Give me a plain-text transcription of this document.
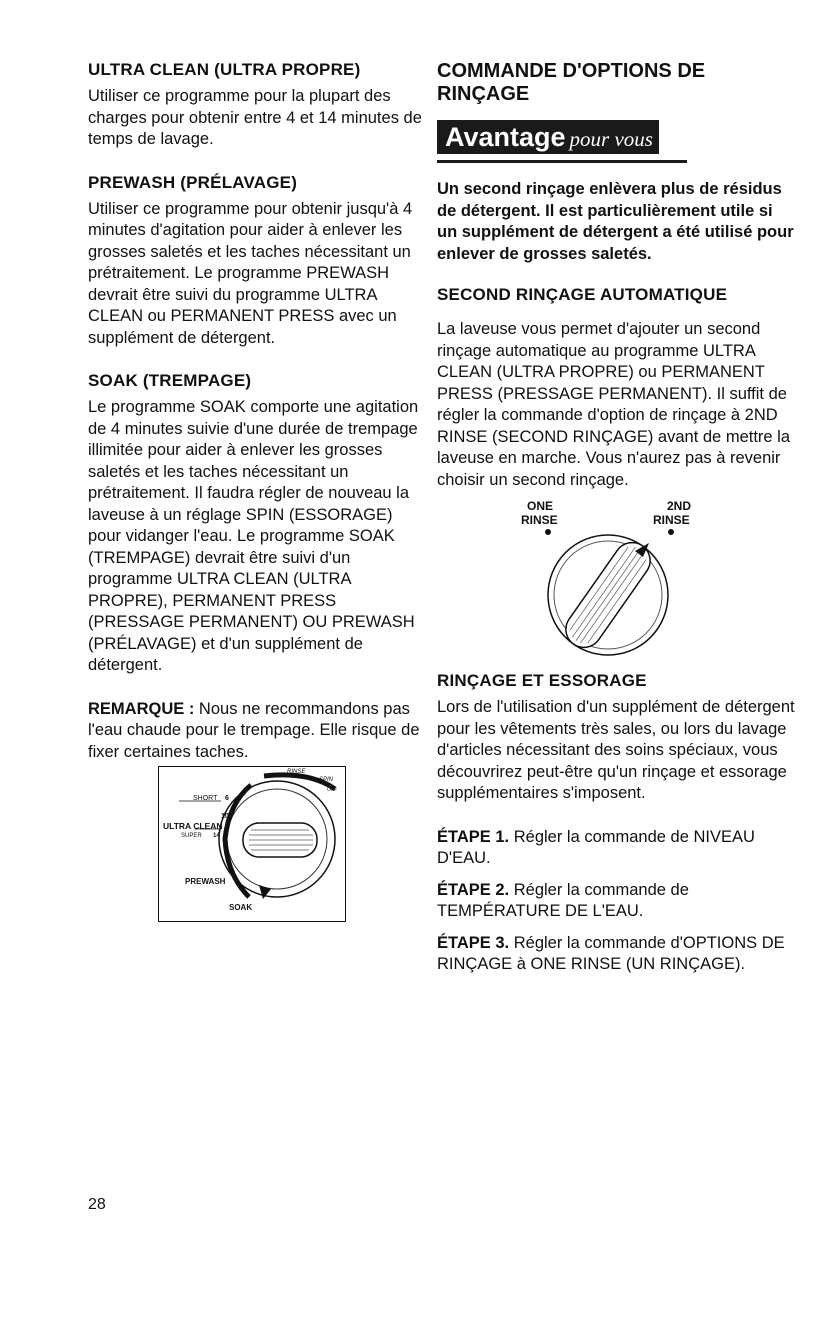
ULTRA CLEAN (ULTRA PROPRE)
Utiliser ce programme pour la plupart des charges pour obtenir entre 4 et 14 minutes de temps de lavage.
PREWASH (PRÉLAVAGE)
Utiliser ce programme pour obtenir jusqu'à 4 minutes d'agitation pour aider à enlever les grosses saletés et les taches nécessitant un prétraitement. Le programme PREWASH devrait être suivi du programme ULTRA CLEAN ou PERMANENT PRESS avec un supplément de détergent.
SOAK (TREMPAGE)
Le programme SOAK comporte une agitation de 4 minutes suivie d'une durée de trempage illimitée pour aider à enlever les grosses saletés et les taches nécessitant un prétraitement. Il faudra régler de nouveau la laveuse à un réglage SPIN (ESSORAGE) pour vidanger l'eau. Le programme SOAK (TREMPAGE) devrait être suivi d'un programme ULTRA CLEAN (ULTRA PROPRE), PERMANENT PRESS (PRESSAGE PERMANENT) OU PREWASH (PRÉLAVAGE) et d'un supplément de détergent.
REMARQUE : Nous ne recommandons pas l'eau chaude pour le trempage. Elle risque de fixer certaines taches.
SHORT 6
10
ULTRA CLEAN
SUPER 14
PREWASH
SOAK
RINSE
SPIN
OFF
COMMANDE D'OPTIONS DE
RINÇAGE
Avantage pour vous
Un second rinçage enlèvera plus de résidus de détergent. Il est particulièrement utile si un supplément de détergent a été utilisé pour enlever de grosses saletés.
SECOND RINÇAGE AUTOMATIQUE
La laveuse vous permet d'ajouter un second rinçage automatique au programme ULTRA CLEAN (ULTRA PROPRE) ou PERMANENT PRESS (PRESSAGE PERMANENT). Il suffit de régler la commande d'option de rinçage à 2ND RINSE (SECOND RINÇAGE) avant de mettre la laveuse en marche. Vous n'aurez pas à revenir choisir un second rinçage.
ONE
RINSE
2ND
RINSE
RINÇAGE ET ESSORAGE
Lors de l'utilisation d'un supplément de détergent pour les vêtements très sales, ou lors du lavage d'articles nécessitant des soins spéciaux, vous découvrirez peut-être qu'un rinçage et essorage supplémentaires s'imposent.
ÉTAPE 1. Régler la commande de NIVEAU D'EAU.
ÉTAPE 2. Régler la commande de TEMPÉRATURE DE L'EAU.
ÉTAPE 3. Régler la commande d'OPTIONS DE RINÇAGE à ONE RINSE (UN RINÇAGE).
28
